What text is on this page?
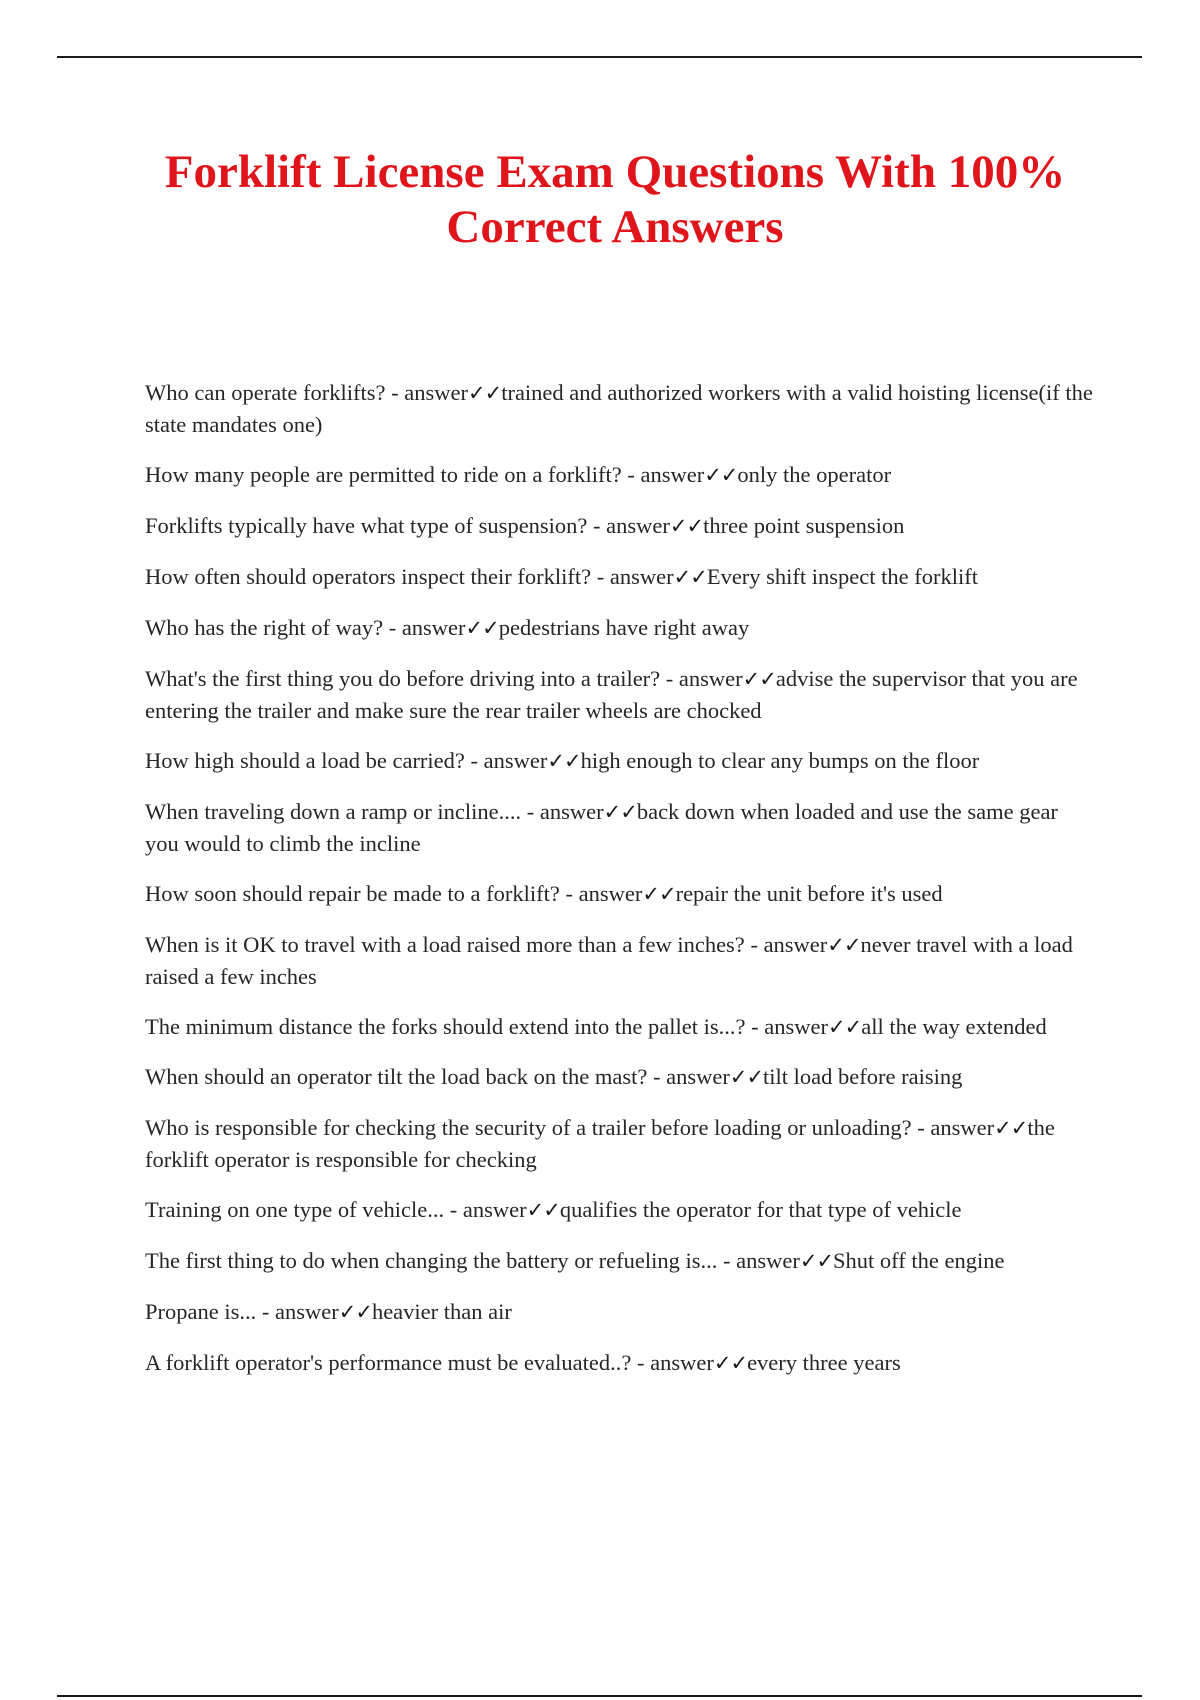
Forklift License Exam Questions With 100%
Correct Answers
Who can operate forklifts? - answer✓✓trained and authorized workers with a valid hoisting license(if the state mandates one)
How many people are permitted to ride on a forklift? - answer✓✓only the operator
Forklifts typically have what type of suspension? - answer✓✓three point suspension
How often should operators inspect their forklift? - answer✓✓Every shift inspect the forklift
Who has the right of way? - answer✓✓pedestrians have right away
What's the first thing you do before driving into a trailer? - answer✓✓advise the supervisor that you are entering the trailer and make sure the rear trailer wheels are chocked
How high should a load be carried? - answer✓✓high enough to clear any bumps on the floor
When traveling down a ramp or incline.... - answer✓✓back down when loaded and use the same gear you would to climb the incline
How soon should repair be made to a forklift? - answer✓✓repair the unit before it's used
When is it OK to travel with a load raised more than a few inches? - answer✓✓never travel with a load raised a few inches
The minimum distance the forks should extend into the pallet is...? - answer✓✓all the way extended
When should an operator tilt the load back on the mast? - answer✓✓tilt load before raising
Who is responsible for checking the security of a trailer before loading or unloading? - answer✓✓the forklift operator is responsible for checking
Training on one type of vehicle... - answer✓✓qualifies the operator for that type of vehicle
The first thing to do when changing the battery or refueling is... - answer✓✓Shut off the engine
Propane is... - answer✓✓heavier than air
A forklift operator's performance must be evaluated..? - answer✓✓every three years
